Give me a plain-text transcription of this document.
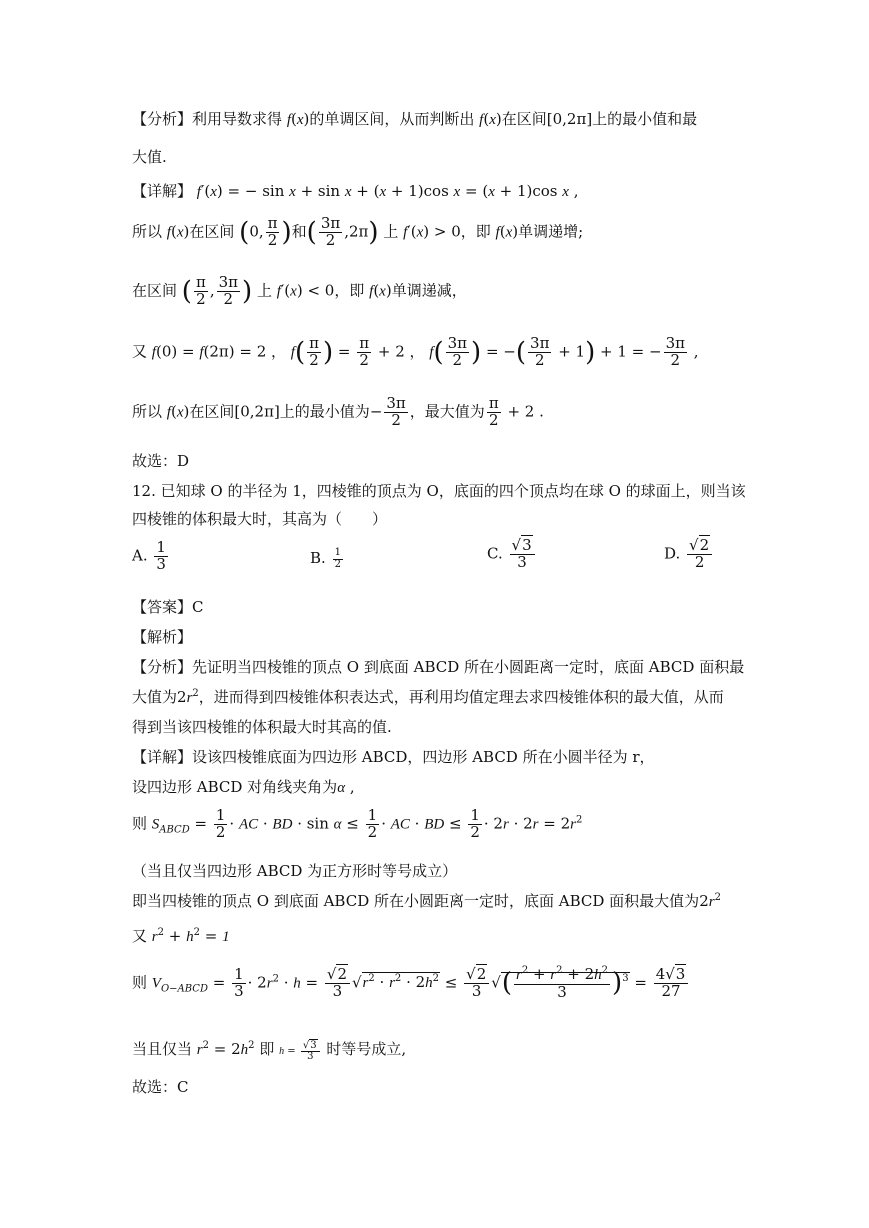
【分析】利用导数求得 f(x)的单调区间，从而判断出 f(x)在区间[0,2π]上的最小值和最
大值.
【详解】 f′(x) = − sin x + sin x + (x + 1)cos x = (x + 1)cos x ,
所以 f(x)在区间 (0, $\frac{\pi}{2}$ )和( $\frac{3\pi}{2} ,2\pi$) 上 f′(x) > 0，即 f(x)单调递增;
在区间 ( $\frac{\pi}{2}$ , $\frac{3\pi}{2}$ ) 上 f′(x) < 0，即 f(x)单调递减，
又 f(0) = f(2π) = 2 ， $f( \frac{\pi}{2}$ ) = $\frac{\pi}{2} + 2$ ， $f( \frac{3\pi}{2}$ ) = −( $\frac{3\pi}{2} + 1) + 1$ = − $\frac{3\pi}{2}$ ,
所以 f(x)在区间[0,2π]上的最小值为− $\frac{3\pi}{2}$ ，最大值为 $\frac{\pi}{2} + 2$ .
故选：D
12. 已知球 O 的半径为 1，四棱锥的顶点为 O，底面的四个顶点均在球 O 的球面上，则当该
四棱锥的体积最大时，其高为（　　）
A. $\frac{1}{3}$	B. $\frac{1}{2}$	C. $\frac{√3}{3}$	D. $\frac{√2}{2}$
【答案】C
【解析】
【分析】先证明当四棱锥的顶点 O 到底面 ABCD 所在小圆距离一定时，底面 ABCD 面积最
大值为$2r^2$，进而得到四棱锥体积表达式，再利用均值定理去求四棱锥体积的最大值，从而
得到当该四棱锥的体积最大时其高的值.
【详解】设该四棱锥底面为四边形 ABCD，四边形 ABCD 所在小圆半径为 r，
设四边形 ABCD 对角线夹角为α ,
则 $S_{ABCD} = \frac{1}{2}$ · AC · BD · $\sin \alpha \le \frac{1}{2}$ · AC · BD ≤ $\frac{1}{2} \cdot 2r \cdot 2r = 2r^2$
（当且仅当四边形 ABCD 为正方形时等号成立）
即当四棱锥的顶点 O 到底面 ABCD 所在小圆距离一定时，底面 ABCD 面积最大值为$2r^2$
又 $r^2 + h^2 = 1$
则 $V_{O-ABCD} = \frac{1}{3} \cdot 2r^2 \cdot h = \frac{√2}{3} √r^2 \cdot r^2 \cdot 2h^2 \le \frac{√2}{3}$ √( $\frac{r^2 + r^2 + 2h^2}{3} )^3 = \frac{4√3}{27}$
当且仅当 $r^2 = 2h^2$ 即 $h = \frac{√3}{3}$ 时等号成立,
故选：C
